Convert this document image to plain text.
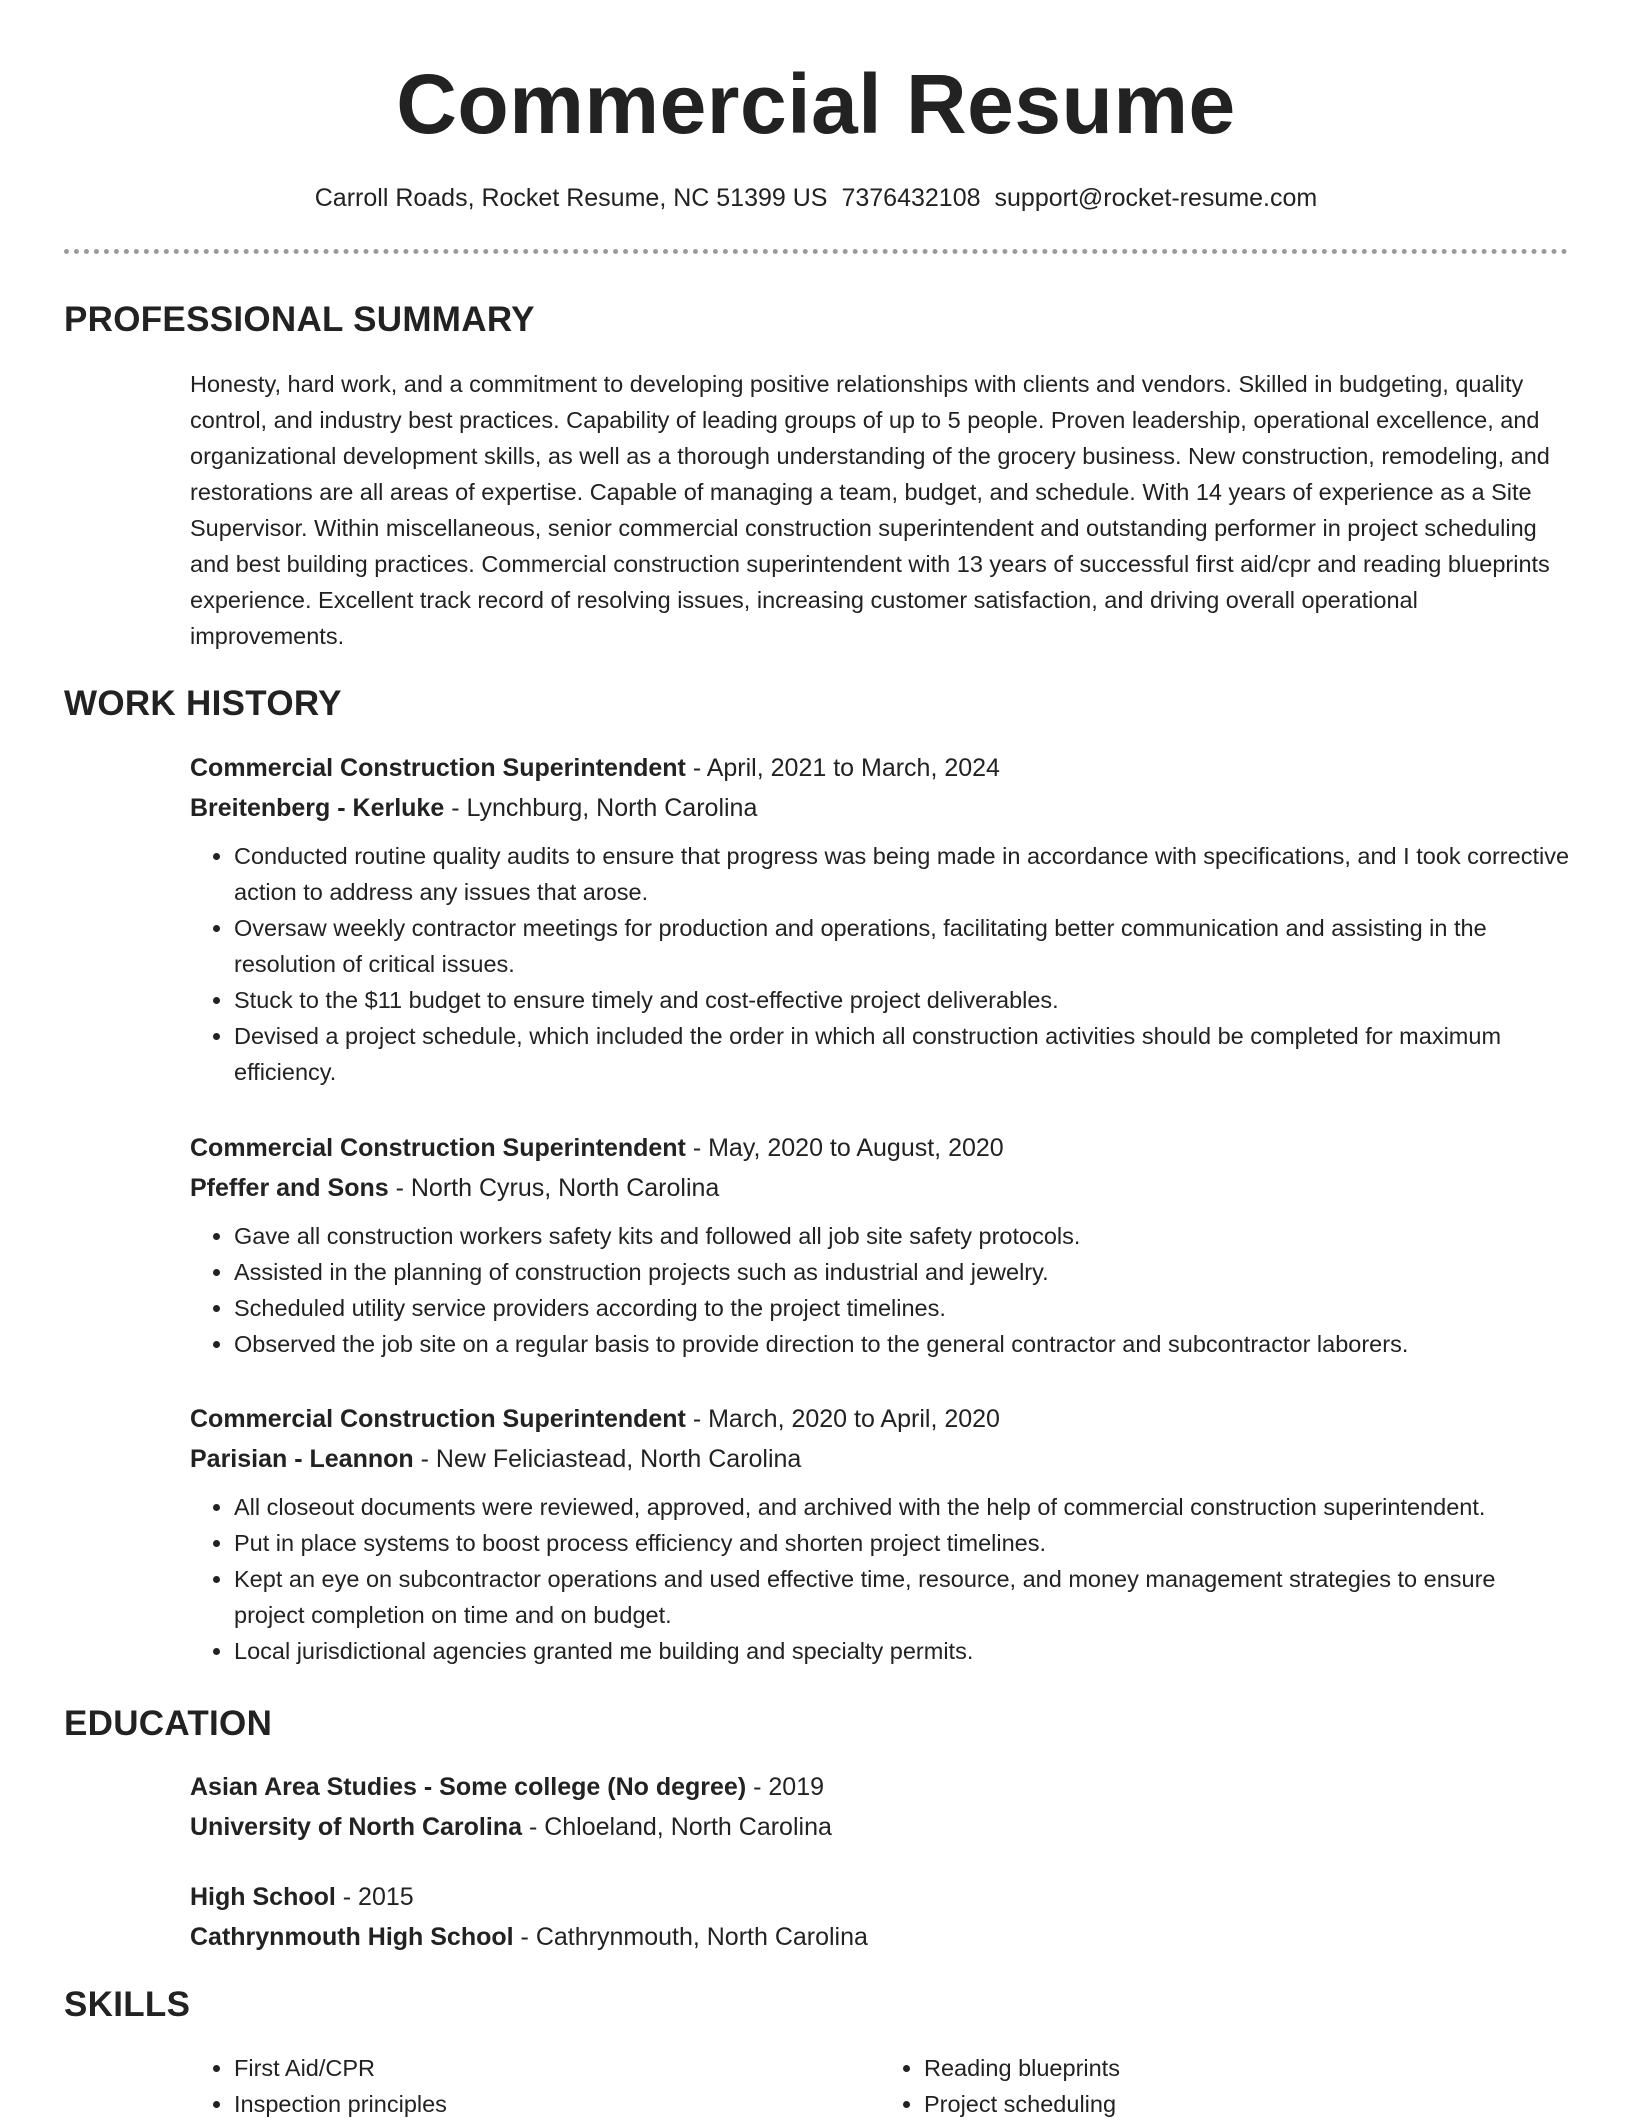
Commercial Resume
Carroll Roads, Rocket Resume, NC 51399 US 7376432108 support@rocket-resume.com
PROFESSIONAL SUMMARY

Honesty, hard work, and a commitment to developing positive relationships with clients and vendors. Skilled in budgeting, quality control, and industry best practices. Capability of leading groups of up to 5 people. Proven leadership, operational excellence, and organizational development skills, as well as a thorough understanding of the grocery business. New construction, remodeling, and restorations are all areas of expertise. Capable of managing a team, budget, and schedule. With 14 years of experience as a Site Supervisor. Within miscellaneous, senior commercial construction superintendent and outstanding performer in project scheduling and best building practices. Commercial construction superintendent with 13 years of successful first aid/cpr and reading blueprints experience. Excellent track record of resolving issues, increasing customer satisfaction, and driving overall operational improvements.

WORK HISTORY
Commercial Construction Superintendent - April, 2021 to March, 2024
Breitenberg - Kerluke - Lynchburg, North Carolina
• Conducted routine quality audits to ensure that progress was being made in accordance with specifications, and I took corrective action to address any issues that arose.
• Oversaw weekly contractor meetings for production and operations, facilitating better communication and assisting in the resolution of critical issues.
• Stuck to the $11 budget to ensure timely and cost-effective project deliverables.
• Devised a project schedule, which included the order in which all construction activities should be completed for maximum efficiency.
Commercial Construction Superintendent - May, 2020 to August, 2020
Pfeffer and Sons - North Cyrus, North Carolina
• Gave all construction workers safety kits and followed all job site safety protocols.
• Assisted in the planning of construction projects such as industrial and jewelry.
• Scheduled utility service providers according to the project timelines.
• Observed the job site on a regular basis to provide direction to the general contractor and subcontractor laborers.
Commercial Construction Superintendent - March, 2020 to April, 2020
Parisian - Leannon - New Feliciastead, North Carolina
• All closeout documents were reviewed, approved, and archived with the help of commercial construction superintendent.
• Put in place systems to boost process efficiency and shorten project timelines.
• Kept an eye on subcontractor operations and used effective time, resource, and money management strategies to ensure project completion on time and on budget.
• Local jurisdictional agencies granted me building and specialty permits.
EDUCATION
Asian Area Studies - Some college (No degree) - 2019
University of North Carolina - Chloeland, North Carolina
High School - 2015
Cathrynmouth High School - Cathrynmouth, North Carolina
SKILLS
• First Aid/CPR
• Inspection principles
• Reading blueprints
• Project scheduling
